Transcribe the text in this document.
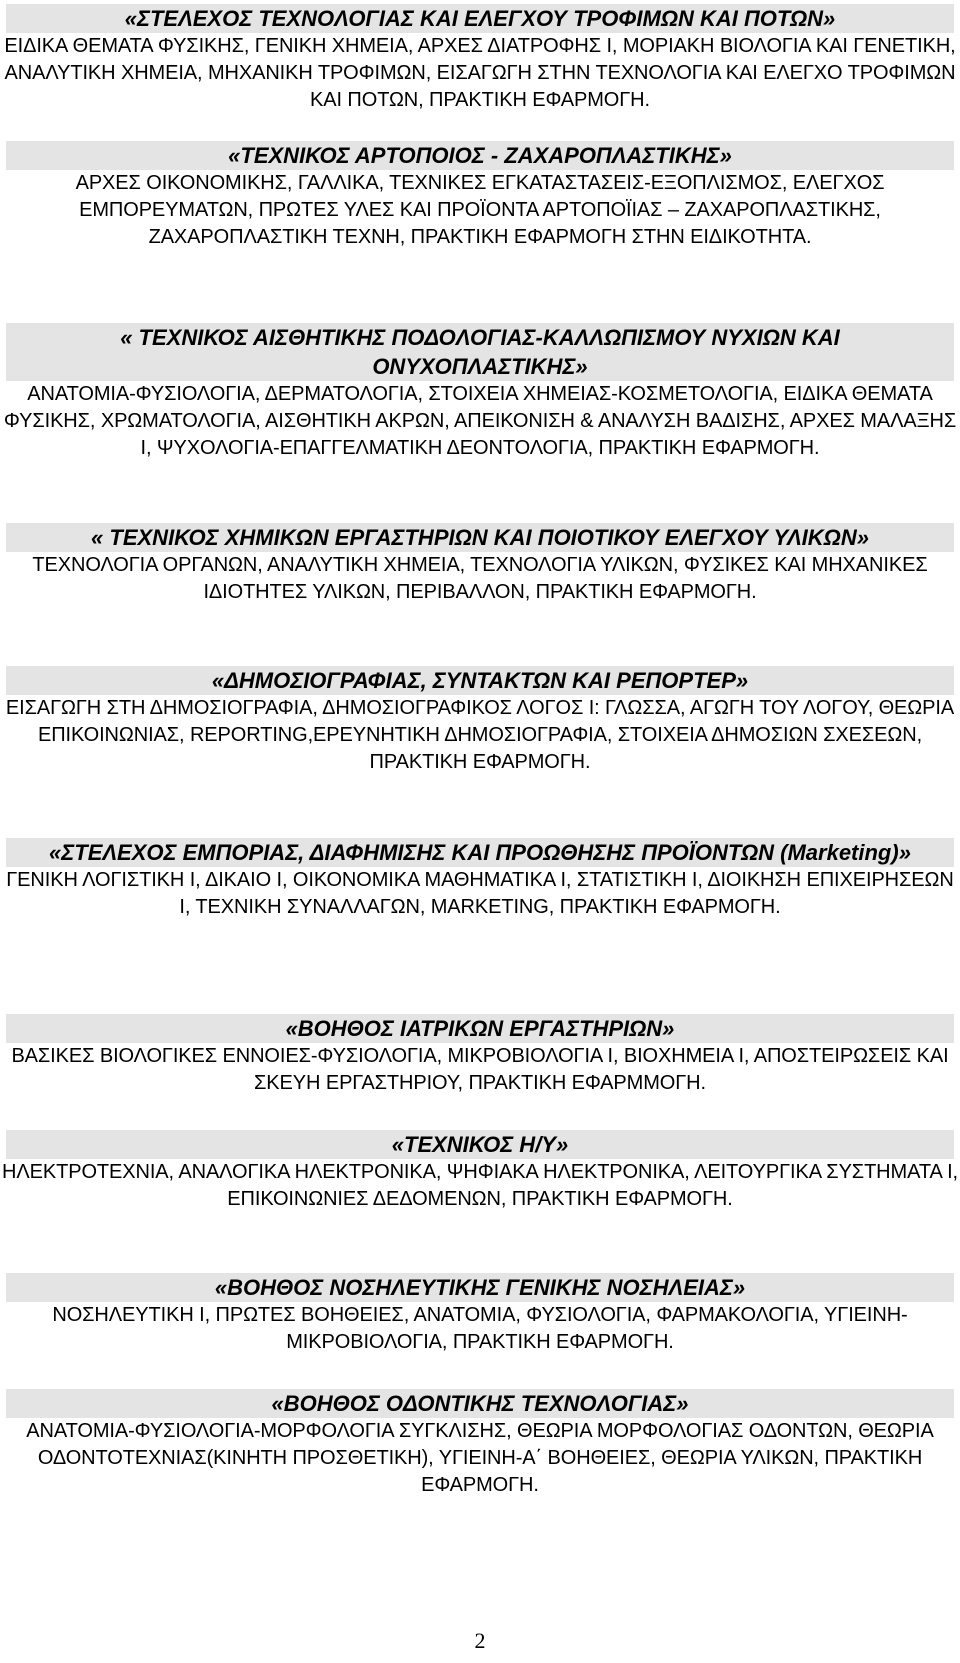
«ΣΤΕΛΕΧΟΣ ΤΕΧΝΟΛΟΓΙΑΣ ΚΑΙ ΕΛΕΓΧΟΥ ΤΡΟΦΙΜΩΝ ΚΑΙ ΠΟΤΩΝ»
ΕΙΔΙΚΑ ΘΕΜΑΤΑ ΦΥΣΙΚΗΣ, ΓΕΝΙΚΗ ΧΗΜΕΙΑ, ΑΡΧΕΣ ΔΙΑΤΡΟΦΗΣ Ι, ΜΟΡΙΑΚΗ ΒΙΟΛΟΓΙΑ ΚΑΙ ΓΕΝΕΤΙΚΗ, ΑΝΑΛΥΤΙΚΗ ΧΗΜΕΙΑ, ΜΗΧΑΝΙΚΗ ΤΡΟΦΙΜΩΝ, ΕΙΣΑΓΩΓΗ ΣΤΗΝ ΤΕΧΝΟΛΟΓΙΑ ΚΑΙ ΕΛΕΓΧΟ ΤΡΟΦΙΜΩΝ ΚΑΙ ΠΟΤΩΝ, ΠΡΑΚΤΙΚΗ ΕΦΑΡΜΟΓΗ.
«ΤΕΧΝΙΚΟΣ ΑΡΤΟΠΟΙΟΣ - ΖΑΧΑΡΟΠΛΑΣΤΙΚΗΣ»
ΑΡΧΕΣ ΟΙΚΟΝΟΜΙΚΗΣ, ΓΑΛΛΙΚΑ, ΤΕΧΝΙΚΕΣ ΕΓΚΑΤΑΣΤΑΣΕΙΣ-ΕΞΟΠΛΙΣΜΟΣ, ΕΛΕΓΧΟΣ ΕΜΠΟΡΕΥΜΑΤΩΝ, ΠΡΩΤΕΣ ΥΛΕΣ ΚΑΙ ΠΡΟΪΟΝΤΑ ΑΡΤΟΠΟΪΙΑΣ – ΖΑΧΑΡΟΠΛΑΣΤΙΚΗΣ, ΖΑΧΑΡΟΠΛΑΣΤΙΚΗ ΤΕΧΝΗ, ΠΡΑΚΤΙΚΗ ΕΦΑΡΜΟΓΗ ΣΤΗΝ ΕΙΔΙΚΟΤΗΤΑ.
« ΤΕΧΝΙΚΟΣ ΑΙΣΘΗΤΙΚΗΣ ΠΟΔΟΛΟΓΙΑΣ-ΚΑΛΛΩΠΙΣΜΟΥ ΝΥΧΙΩΝ ΚΑΙ ΟΝΥΧΟΠΛΑΣΤΙΚΗΣ»
ΑΝΑΤΟΜΙΑ-ΦΥΣΙΟΛΟΓΙΑ, ΔΕΡΜΑΤΟΛΟΓΙΑ, ΣΤΟΙΧΕΙΑ ΧΗΜΕΙΑΣ-ΚΟΣΜΕΤΟΛΟΓΙΑ, ΕΙΔΙΚΑ ΘΕΜΑΤΑ ΦΥΣΙΚΗΣ, ΧΡΩΜΑΤΟΛΟΓΙΑ, ΑΙΣΘΗΤΙΚΗ ΑΚΡΩΝ, ΑΠΕΙΚΟΝΙΣΗ & ΑΝΑΛΥΣΗ ΒΑΔΙΣΗΣ, ΑΡΧΕΣ ΜΑΛΑΞΗΣ Ι, ΨΥΧΟΛΟΓΙΑ-ΕΠΑΓΓΕΛΜΑΤΙΚΗ ΔΕΟΝΤΟΛΟΓΙΑ, ΠΡΑΚΤΙΚΗ ΕΦΑΡΜΟΓΗ.
« ΤΕΧΝΙΚΟΣ ΧΗΜΙΚΩΝ ΕΡΓΑΣΤΗΡΙΩΝ ΚΑΙ ΠΟΙΟΤΙΚΟΥ ΕΛΕΓΧΟΥ ΥΛΙΚΩΝ»
ΤΕΧΝΟΛΟΓΙΑ ΟΡΓΑΝΩΝ, ΑΝΑΛΥΤΙΚΗ ΧΗΜΕΙΑ, ΤΕΧΝΟΛΟΓΙΑ ΥΛΙΚΩΝ, ΦΥΣΙΚΕΣ ΚΑΙ ΜΗΧΑΝΙΚΕΣ ΙΔΙΟΤΗΤΕΣ ΥΛΙΚΩΝ, ΠΕΡΙΒΑΛΛΟΝ, ΠΡΑΚΤΙΚΗ ΕΦΑΡΜΟΓΗ.
«ΔΗΜΟΣΙΟΓΡΑΦΙΑΣ, ΣΥΝΤΑΚΤΩΝ ΚΑΙ ΡΕΠΟΡΤΕΡ»
ΕΙΣΑΓΩΓΗ ΣΤΗ ΔΗΜΟΣΙΟΓΡΑΦΙΑ, ΔΗΜΟΣΙΟΓΡΑΦΙΚΟΣ ΛΟΓΟΣ Ι: ΓΛΩΣΣΑ, ΑΓΩΓΗ ΤΟΥ ΛΟΓΟΥ, ΘΕΩΡΙΑ ΕΠΙΚΟΙΝΩΝΙΑΣ, REPORTING,ΕΡΕΥΝΗΤΙΚΗ ΔΗΜΟΣΙΟΓΡΑΦΙΑ, ΣΤΟΙΧΕΙΑ ΔΗΜΟΣΙΩΝ ΣΧΕΣΕΩΝ, ΠΡΑΚΤΙΚΗ ΕΦΑΡΜΟΓΗ.
«ΣΤΕΛΕΧΟΣ ΕΜΠΟΡΙΑΣ, ΔΙΑΦΗΜΙΣΗΣ ΚΑΙ ΠΡΟΩΘΗΣΗΣ ΠΡΟΪΟΝΤΩΝ (Marketing)»
ΓΕΝΙΚΗ ΛΟΓΙΣΤΙΚΗ Ι, ΔΙΚΑΙΟ Ι, ΟΙΚΟΝΟΜΙΚΑ ΜΑΘΗΜΑΤΙΚΑ Ι, ΣΤΑΤΙΣΤΙΚΗ Ι, ΔΙΟΙΚΗΣΗ ΕΠΙΧΕΙΡΗΣΕΩΝ Ι, ΤΕΧΝΙΚΗ ΣΥΝΑΛΛΑΓΩΝ, MARKETING, ΠΡΑΚΤΙΚΗ ΕΦΑΡΜΟΓΗ.
«ΒΟΗΘΟΣ ΙΑΤΡΙΚΩΝ ΕΡΓΑΣΤΗΡΙΩΝ»
ΒΑΣΙΚΕΣ ΒΙΟΛΟΓΙΚΕΣ ΕΝΝΟΙΕΣ-ΦΥΣΙΟΛΟΓΙΑ, ΜΙΚΡΟΒΙΟΛΟΓΙΑ Ι, ΒΙΟΧΗΜΕΙΑ Ι, ΑΠΟΣΤΕΙΡΩΣΕΙΣ ΚΑΙ ΣΚΕΥΗ ΕΡΓΑΣΤΗΡΙΟΥ, ΠΡΑΚΤΙΚΗ ΕΦΑΡΜΜΟΓΗ.
«ΤΕΧΝΙΚΟΣ Η/Υ»
ΗΛΕΚΤΡΟΤΕΧΝΙΑ, ΑΝΑΛΟΓΙΚΑ ΗΛΕΚΤΡΟΝΙΚΑ, ΨΗΦΙΑΚΑ ΗΛΕΚΤΡΟΝΙΚΑ, ΛΕΙΤΟΥΡΓΙΚΑ ΣΥΣΤΗΜΑΤΑ Ι, ΕΠΙΚΟΙΝΩΝΙΕΣ ΔΕΔΟΜΕΝΩΝ, ΠΡΑΚΤΙΚΗ ΕΦΑΡΜΟΓΗ.
«ΒΟΗΘΟΣ ΝΟΣΗΛΕΥΤΙΚΗΣ ΓΕΝΙΚΗΣ ΝΟΣΗΛΕΙΑΣ»
ΝΟΣΗΛΕΥΤΙΚΗ Ι, ΠΡΩΤΕΣ ΒΟΗΘΕΙΕΣ, ΑΝΑΤΟΜΙΑ, ΦΥΣΙΟΛΟΓΙΑ, ΦΑΡΜΑΚΟΛΟΓΙΑ, ΥΓΙΕΙΝΗ-ΜΙΚΡΟΒΙΟΛΟΓΙΑ, ΠΡΑΚΤΙΚΗ ΕΦΑΡΜΟΓΗ.
«ΒΟΗΘΟΣ ΟΔΟΝΤΙΚΗΣ ΤΕΧΝΟΛΟΓΙΑΣ»
ΑΝΑΤΟΜΙΑ-ΦΥΣΙΟΛΟΓΙΑ-ΜΟΡΦΟΛΟΓΙΑ ΣΥΓΚΛΙΣΗΣ, ΘΕΩΡΙΑ ΜΟΡΦΟΛΟΓΙΑΣ ΟΔΟΝΤΩΝ, ΘΕΩΡΙΑ ΟΔΟΝΤΟΤΕΧΝΙΑΣ(ΚΙΝΗΤΗ ΠΡΟΣΘΕΤΙΚΗ), ΥΓΙΕΙΝΗ-Α΄ ΒΟΗΘΕΙΕΣ, ΘΕΩΡΙΑ ΥΛΙΚΩΝ, ΠΡΑΚΤΙΚΗ ΕΦΑΡΜΟΓΗ.
2
